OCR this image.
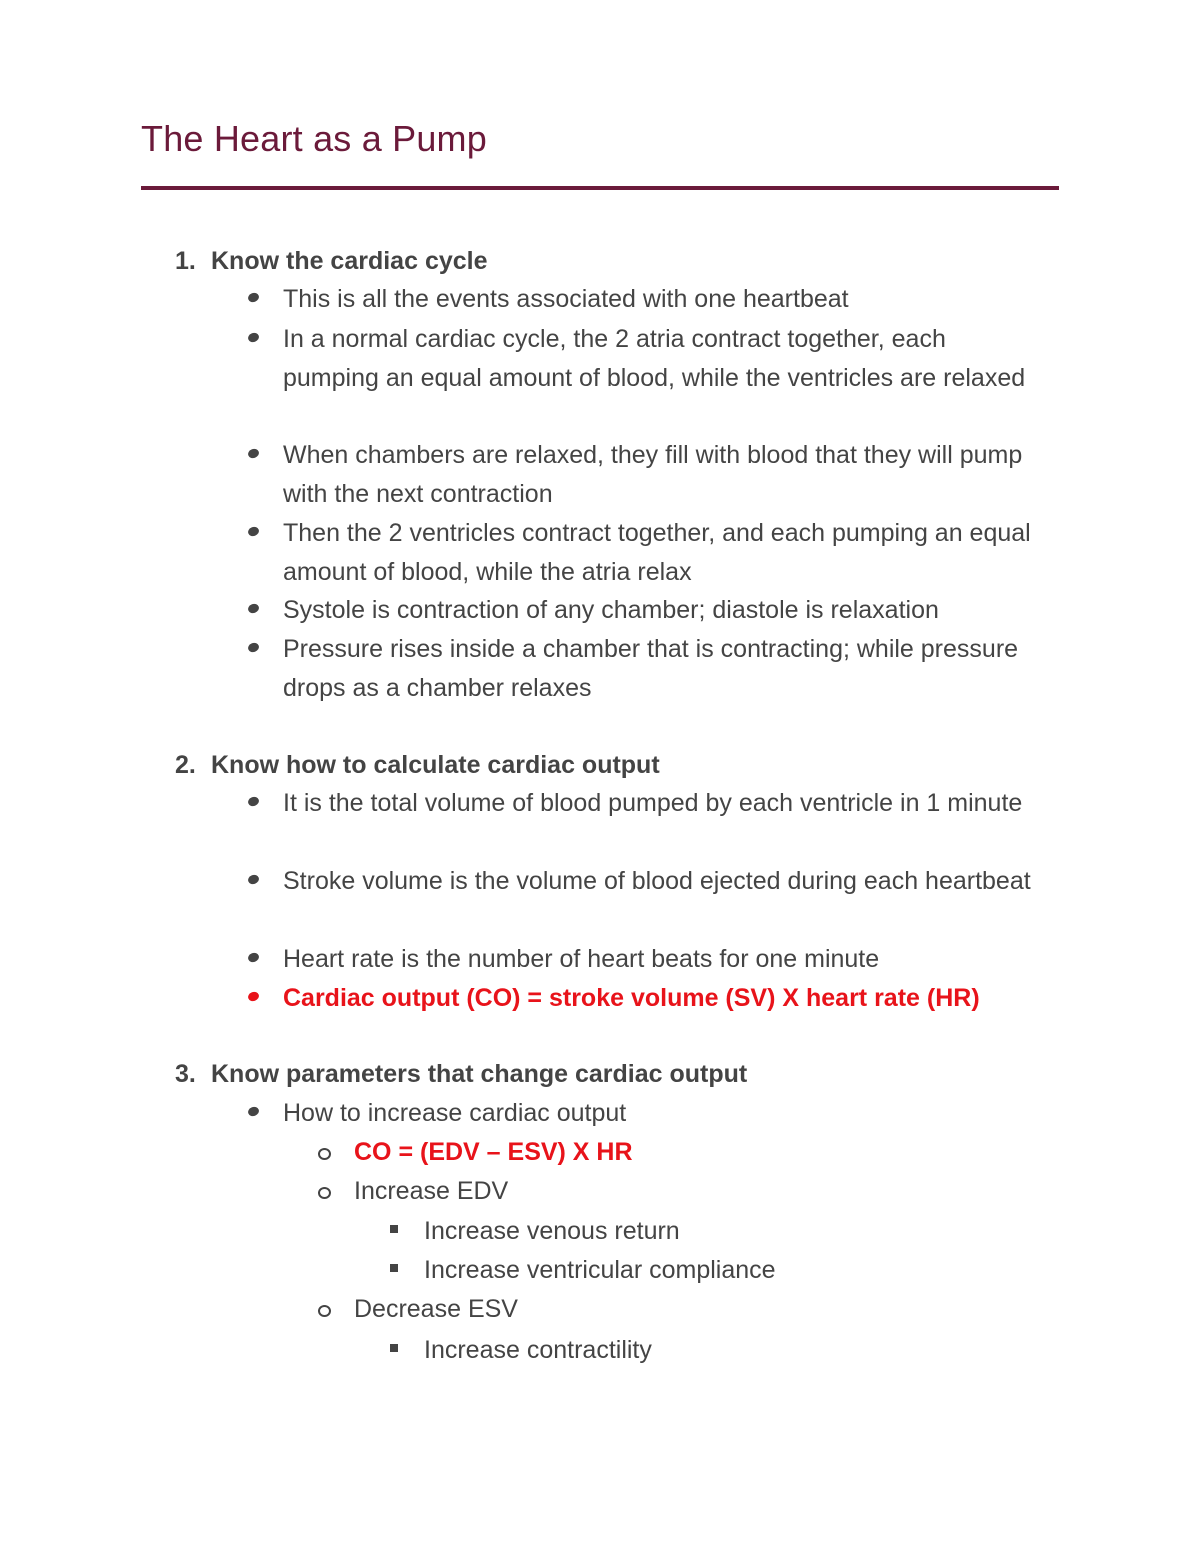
The Heart as a Pump
1. Know the cardiac cycle
This is all the events associated with one heartbeat
In a normal cardiac cycle, the 2 atria contract together, each pumping an equal amount of blood, while the ventricles are relaxed
When chambers are relaxed, they fill with blood that they will pump with the next contraction
Then the 2 ventricles contract together, and each pumping an equal amount of blood, while the atria relax
Systole is contraction of any chamber; diastole is relaxation
Pressure rises inside a chamber that is contracting; while pressure drops as a chamber relaxes
2. Know how to calculate cardiac output
It is the total volume of blood pumped by each ventricle in 1 minute
Stroke volume is the volume of blood ejected during each heartbeat
Heart rate is the number of heart beats for one minute
Cardiac output (CO) = stroke volume (SV) X heart rate (HR)
3. Know parameters that change cardiac output
How to increase cardiac output
CO = (EDV – ESV) X HR
Increase EDV
Increase venous return
Increase ventricular compliance
Decrease ESV
Increase contractility
